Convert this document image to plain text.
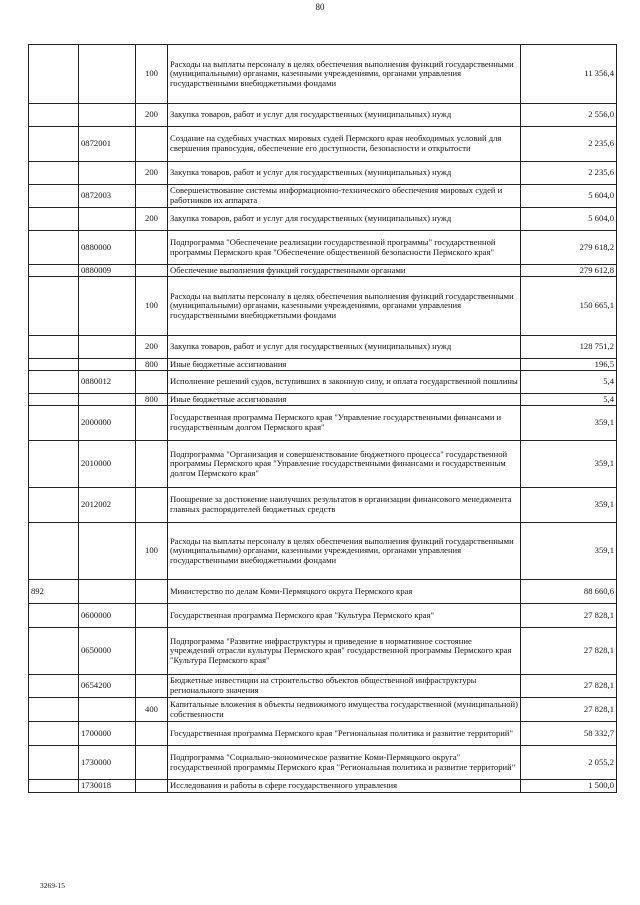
80
		100	Расходы на выплаты персоналу в целях обеспечения выполнения функций государственными (муниципальными) органами, казенными учреждениями, органами управления государственными внебюджетными фондами	11 356,4
		200	Закупка товаров, работ и услуг для государственных (муниципальных) нужд	2 556,0
	0872001		Создание на судебных участках мировых судей Пермского края необходимых условий для свершения правосудия, обеспечение его доступности, безопасности и открытости	2 235,6
		200	Закупка товаров, работ и услуг для государственных (муниципальных) нужд	2 235,6
	0872003		Совершенствование системы информационно-технического обеспечения мировых судей и работников их аппарата	5 604,0
		200	Закупка товаров, работ и услуг для государственных (муниципальных) нужд	5 604,0
	0880000		Подпрограмма "Обеспечение реализации государственной программы" государственной программы Пермского края "Обеспечение общественной безопасности Пермского края"	279 618,2
	0880009		Обеспечение выполнения функций государственными органами	279 612,8
		100	Расходы на выплаты персоналу в целях обеспечения выполнения функций государственными (муниципальными) органами, казенными учреждениями, органами управления государственными внебюджетными фондами	150 665,1
		200	Закупка товаров, работ и услуг для государственных (муниципальных) нужд	128 751,2
		800	Иные бюджетные ассигнования	196,5
	0880012		Исполнение решений судов, вступивших в законную силу, и оплата государственной пошлины	5,4
		800	Иные бюджетные ассигнования	5,4
	2000000		Государственная программа Пермского края "Управление государственными финансами и государственным долгом Пермского края"	359,1
	2010000		Подпрограмма "Организация и совершенствование бюджетного процесса" государственной программы Пермского края "Управление государственными финансами и государственным долгом Пермского края"	359,1
	2012002		Поощрение за достижение наилучших результатов в организации финансового менеджмента главных распорядителей бюджетных средств	359,1
		100	Расходы на выплаты персоналу в целях обеспечения выполнения функций государственными (муниципальными) органами, казенными учреждениями, органами управления государственными внебюджетными фондами	359,1
892			Министерство по делам Коми-Пермяцкого округа Пермского края	88 660,6
	0600000		Государственная программа Пермского края "Культура Пермского края"	27 828,1
	0650000		Подпрограмма "Развитие инфраструктуры и приведение в нормативное состояние учреждений отрасли культуры Пермского края" государственной программы Пермского края "Культура Пермского края"	27 828,1
	0654200		Бюджетные инвестиции на строительство объектов общественной инфраструктуры регионального значения	27 828,1
		400	Капитальные вложения в объекты недвижимого имущества государственной (муниципальной) собственности	27 828,1
	1700000		Государственная программа Пермского края "Региональная политика и развитие территорий"	58 332,7
	1730000		Подпрограмма "Социально-экономическое развитие Коми-Пермяцкого округа" государственной программы Пермского края "Региональная политика и развитие территорий"	2 055,2
	1730018		Исследования и работы в сфере государственного управления	1 500,0
3269-15
